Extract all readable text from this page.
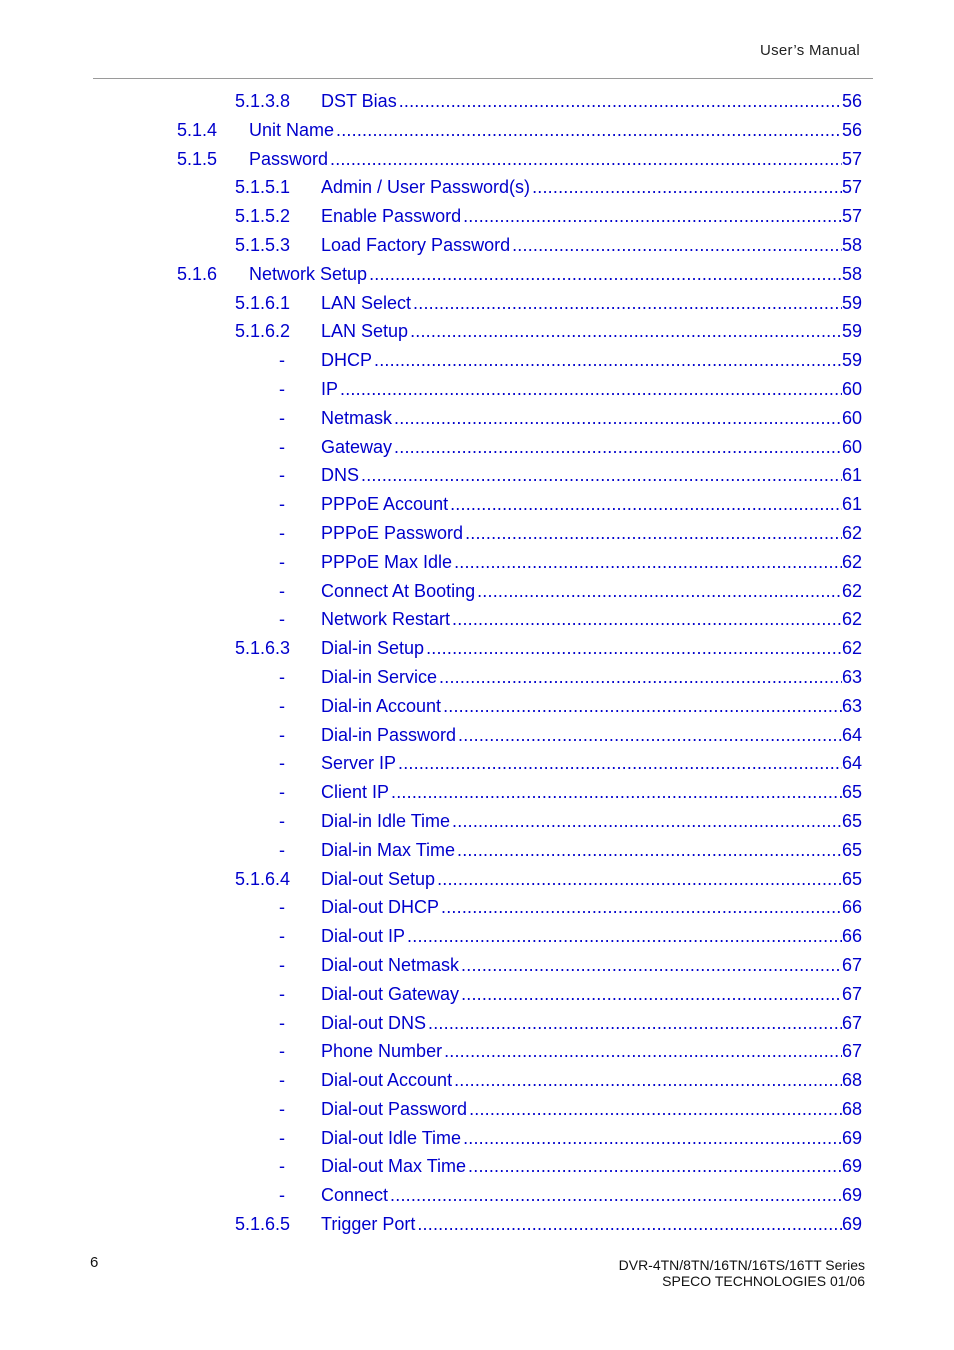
User’s Manual
5.1.3.8 DST Bias .....	56
5.1.4 Unit Name .....	56
5.1.5 Password .....	57
5.1.5.1 Admin / User Password(s) .....	57
5.1.5.2 Enable Password .....	57
5.1.5.3 Load Factory Password .....	58
5.1.6 Network Setup .....	58
5.1.6.1 LAN Select .....	59
5.1.6.2 LAN Setup .....	59
- DHCP .....	59
- IP .....	60
- Netmask .....	60
- Gateway .....	60
- DNS .....	61
- PPPoE Account .....	61
- PPPoE Password .....	62
- PPPoE Max Idle .....	62
- Connect At Booting .....	62
- Network Restart .....	62
5.1.6.3 Dial-in Setup .....	62
- Dial-in Service .....	63
- Dial-in Account .....	63
- Dial-in Password .....	64
- Server IP .....	64
- Client IP .....	65
- Dial-in Idle Time .....	65
- Dial-in Max Time .....	65
5.1.6.4 Dial-out Setup .....	65
- Dial-out DHCP .....	66
- Dial-out IP .....	66
- Dial-out Netmask .....	67
- Dial-out Gateway .....	67
- Dial-out DNS .....	67
- Phone Number .....	67
- Dial-out Account .....	68
- Dial-out Password .....	68
- Dial-out Idle Time .....	69
- Dial-out Max Time .....	69
- Connect .....	69
5.1.6.5 Trigger Port .....	69
6	DVR-4TN/8TN/16TN/16TS/16TT Series
SPECO TECHNOLOGIES 01/06
